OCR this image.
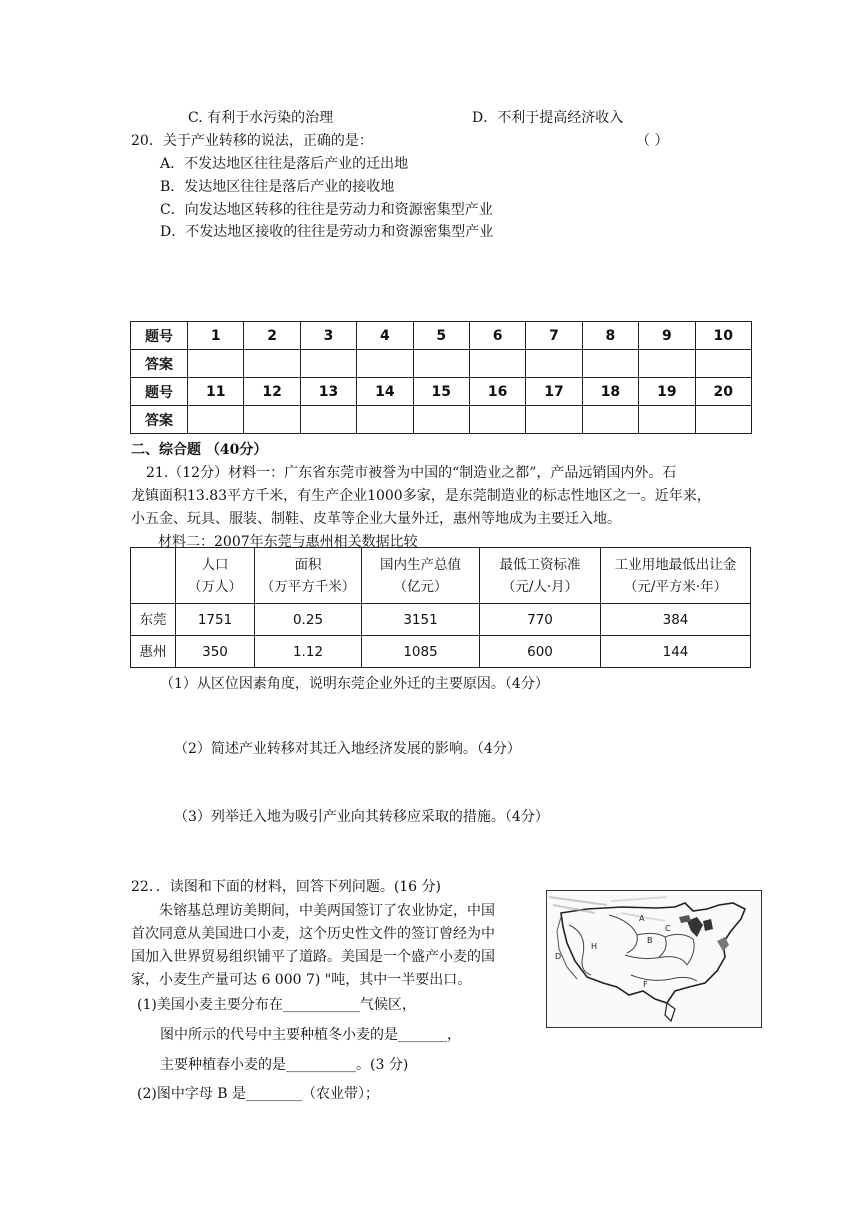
C. 有利于水污染的治理	D．不利于提高经济收入
20．关于产业转移的说法，正确的是：	（ ）
A．不发达地区往往是落后产业的迁出地
B．发达地区往往是落后产业的接收地
C．向发达地区转移的往往是劳动力和资源密集型产业
D．不发达地区接收的往往是劳动力和资源密集型产业
题号	1	2	3	4	5	6	7	8	9	10
答案										
题号	11	12	13	14	15	16	17	18	19	20
答案										
二、综合题 （40分）
21.（12分）材料一：广东省东莞市被誉为中国的“制造业之都”，产品远销国内外。石
龙镇面积13.83平方千米，有生产企业1000多家，是东莞制造业的标志性地区之一。近年来，
小五金、玩具、服装、制鞋、皮革等企业大量外迁，惠州等地成为主要迁入地。
材料二：2007年东莞与惠州相关数据比较
	人口
（万人）	面积
（万平方千米）	国内生产总值
（亿元）	最低工资标准
（元/人·月）	工业用地最低出让金
（元/平方米·年）
东莞	1751	0.25	3151	770	384
惠州	350	1.12	1085	600	144
（1）从区位因素角度，说明东莞企业外迁的主要原因。（4分）
（2）简述产业转移对其迁入地经济发展的影响。（4分）
（3）列举迁入地为吸引产业向其转移应采取的措施。（4分）
22．．读图和下面的材料，回答下列问题。(16 分)
朱镕基总理访美期间，中美两国签订了农业协定，中国
首次同意从美国进口小麦，这个历史性文件的签订曾经为中
国加入世界贸易组织铺平了道路。美国是一个盛产小麦的国
家，小麦生产量可达 6 000 7) "吨，其中一半要出口。
(1)美国小麦主要分布在___________气候区，
图中所示的代号中主要种植冬小麦的是_______，
主要种植春小麦的是__________。(3 分)
(2)图中字母 B 是________（农业带）；
A
B
C
D
F
H
